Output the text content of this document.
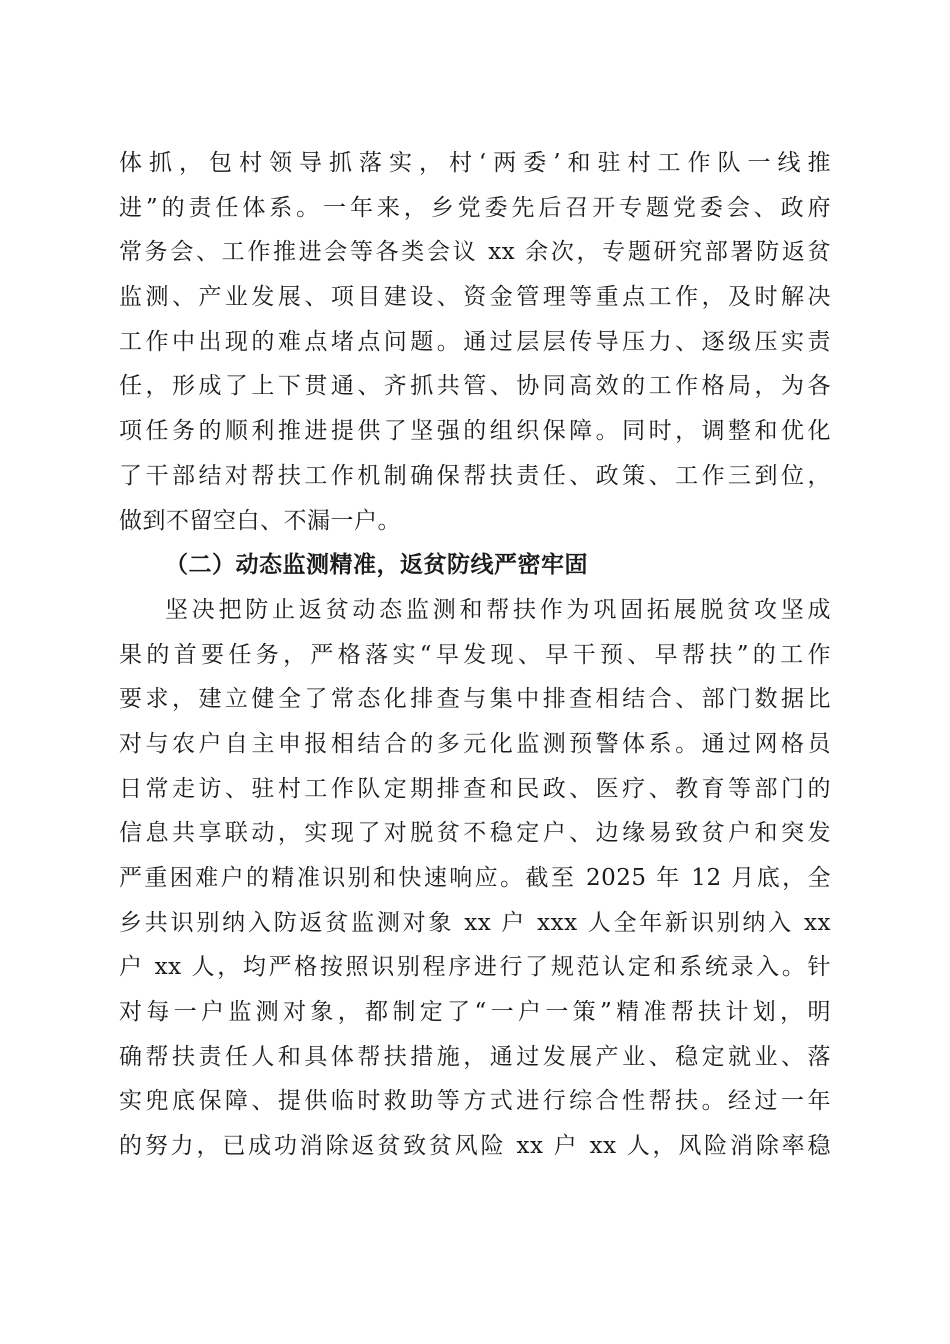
体抓，包村领导抓落实，村‘两委’和驻村工作队一线推
进”的责任体系。一年来，乡党委先后召开专题党委会、政府
常务会、工作推进会等各类会议 xx 余次，专题研究部署防返贫
监测、产业发展、项目建设、资金管理等重点工作，及时解决
工作中出现的难点堵点问题。通过层层传导压力、逐级压实责
任，形成了上下贯通、齐抓共管、协同高效的工作格局，为各
项任务的顺利推进提供了坚强的组织保障。同时，调整和优化
了干部结对帮扶工作机制确保帮扶责任、政策、工作三到位，
做到不留空白、不漏一户。
（二）动态监测精准，返贫防线严密牢固
坚决把防止返贫动态监测和帮扶作为巩固拓展脱贫攻坚成
果的首要任务，严格落实“早发现、早干预、早帮扶”的工作
要求，建立健全了常态化排查与集中排查相结合、部门数据比
对与农户自主申报相结合的多元化监测预警体系。通过网格员
日常走访、驻村工作队定期排查和民政、医疗、教育等部门的
信息共享联动，实现了对脱贫不稳定户、边缘易致贫户和突发
严重困难户的精准识别和快速响应。截至 2025 年 12 月底，全
乡共识别纳入防返贫监测对象 xx 户 xxx 人全年新识别纳入 xx
户 xx 人，均严格按照识别程序进行了规范认定和系统录入。针
对每一户监测对象，都制定了“一户一策”精准帮扶计划，明
确帮扶责任人和具体帮扶措施，通过发展产业、稳定就业、落
实兜底保障、提供临时救助等方式进行综合性帮扶。经过一年
的努力，已成功消除返贫致贫风险 xx 户 xx 人，风险消除率稳
